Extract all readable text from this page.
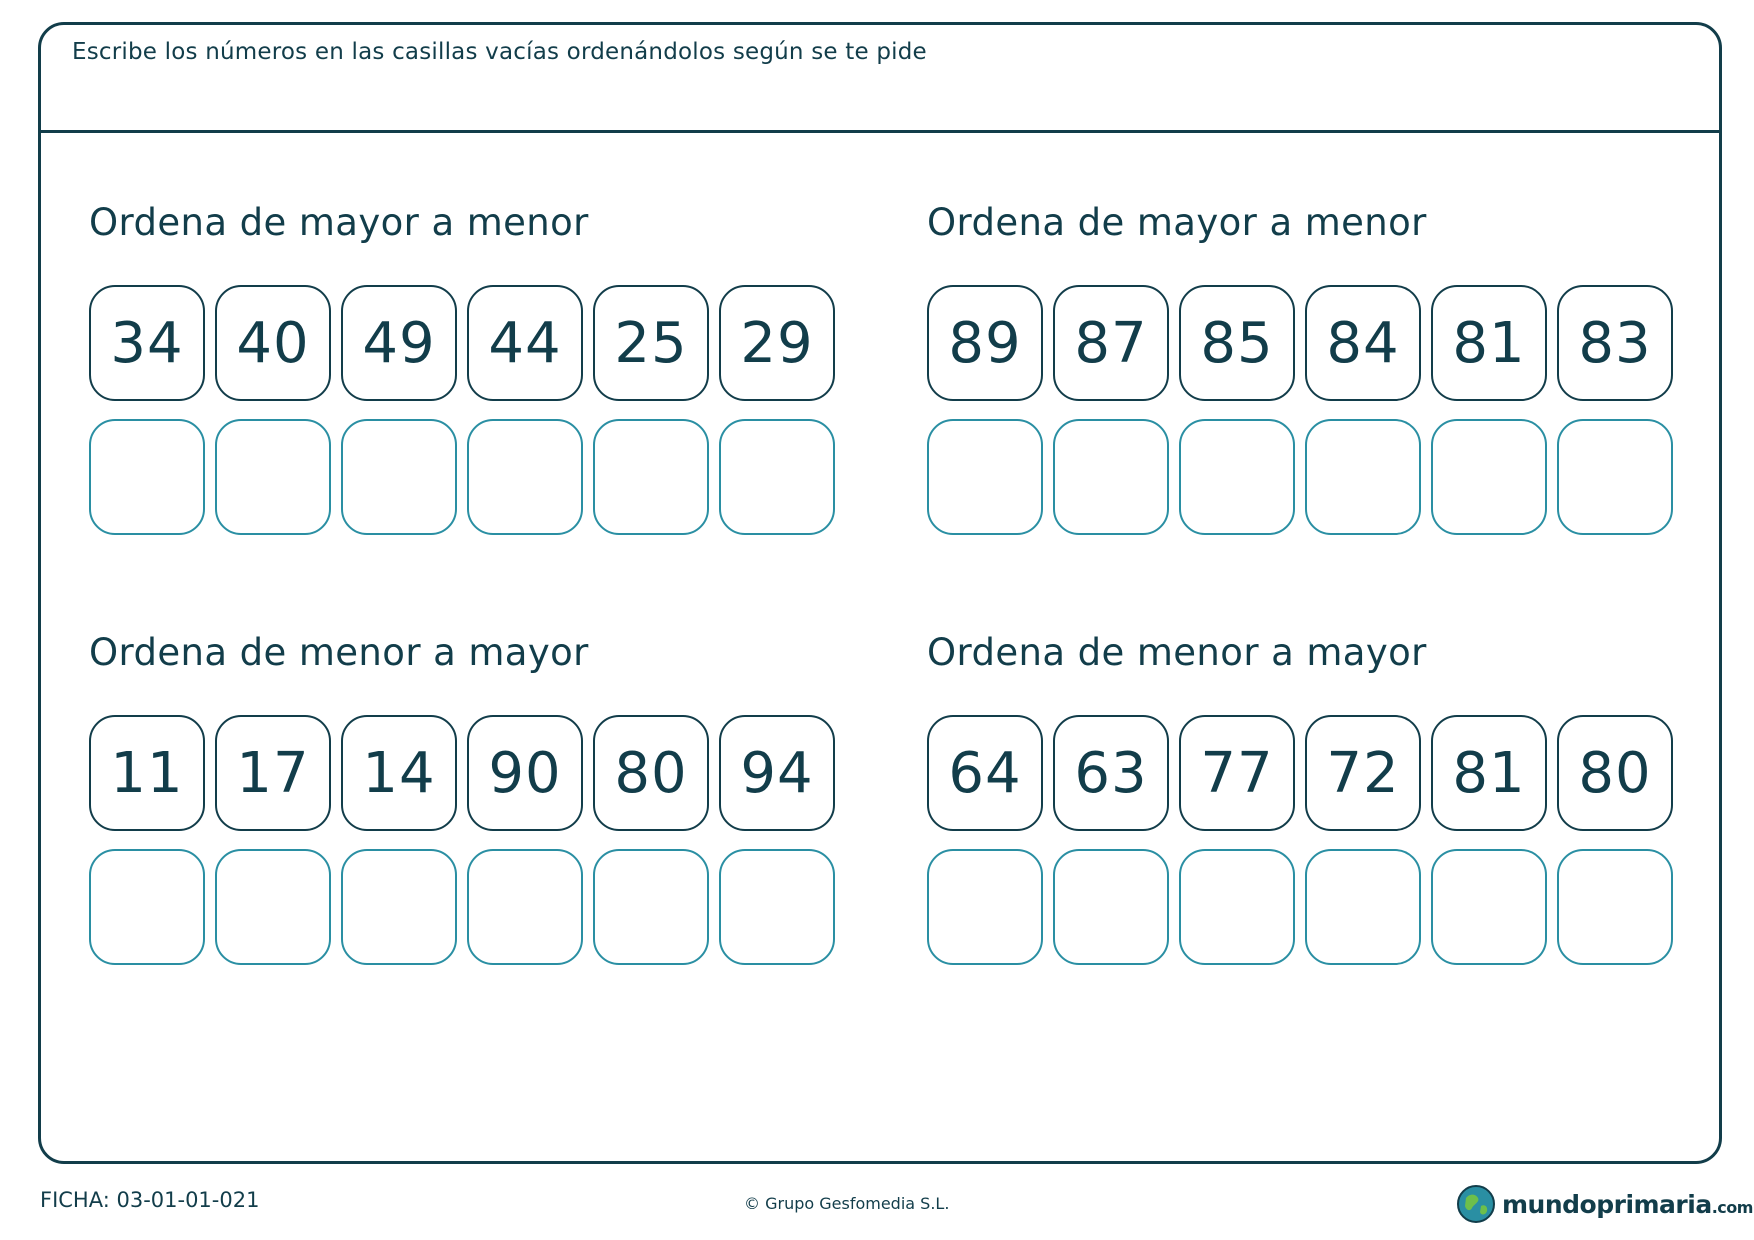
Escribe los números en las casillas vacías ordenándolos según se te pide
Ordena de mayor a menor
34 40 49 44 25 29
Ordena de mayor a menor
89 87 85 84 81 83
Ordena de menor a mayor
11 17 14 90 80 94
Ordena de menor a mayor
64 63 77 72 81 80
FICHA: 03-01-01-021	© Grupo Gesfomedia S.L.	mundoprimaria.com
